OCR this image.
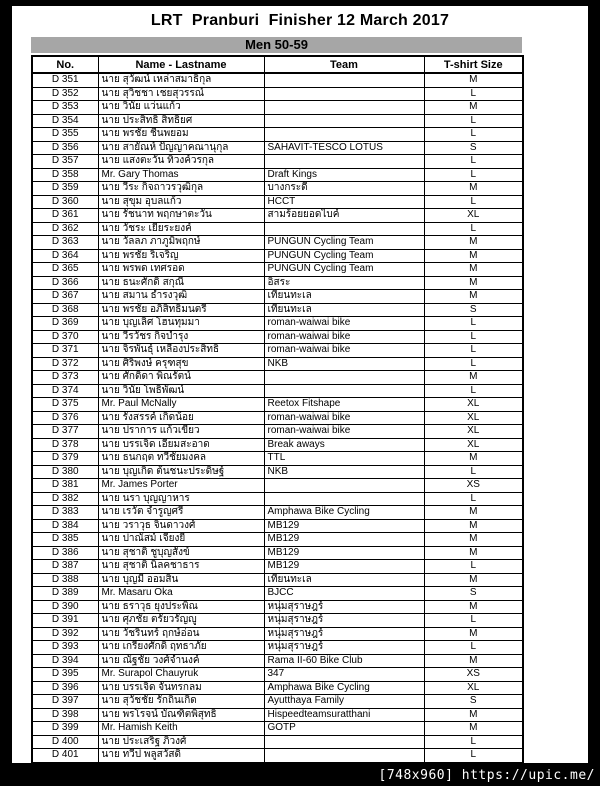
LRT  Pranburi  Finisher 12 March 2017
Men 50-59
No.	Name - Lastname	Team	T-shirt Size
D 351	นาย สุวัฒน์ เหล่าสมาธิกุล		M
D 352	นาย สุวิชชา เชยสุวรรณ์		L
D 353	นาย วินัย แว่นแก้ว		M
D 354	นาย ประสิทธิ์ สิทธิยศ		L
D 355	นาย พรชัย ชื่นพยอม		L
D 356	นาย สายัณห์ ปัญญาคณานุกุล	SAHAVIT-TESCO LOTUS	S
D 357	นาย แสงตะวัน ทิวงค์วรกุล		L
D 358	Mr. Gary Thomas	Draft Kings	L
D 359	นาย วีระ กิจถาวรวุฒิกุล	บางกระดี่	M
D 360	นาย สุขุม อุบลแก้ว	HCCT	L
D 361	นาย รัชนาท พฤกษาตะวัน	สามร้อยยอดไบค์	XL
D 362	นาย วัชระ เยียระยงค์		L
D 363	นาย วัลลภ ภาภูมิพฤกษ์	PUNGUN Cycling Team	M
D 364	นาย พรชัย ริเจริญ	PUNGUN Cycling Team	M
D 365	นาย พรพด เทศรอด	PUNGUN Cycling Team	M
D 366	นาย ธนะศักดิ์ สกุณี	อิสระ	M
D 367	นาย สมาน ธำรงวุฒิ	เทียนทะเล	M
D 368	นาย พรชัย อภิสิทธิ์มนตรี	เทียนทะเล	S
D 369	นาย บุญเลิศ โฮนทุมมา	roman-waiwai bike	L
D 370	นาย วีรวัชร กิจบำรุง	roman-waiwai bike	L
D 371	นาย จิรพันธุ์ เหลืองประสิทธิ์	roman-waiwai bike	L
D 372	นาย ศิริพงษ์ ครุฑสุข	NKB	L
D 373	นาย ศักดิ์ดา พิณรัตน์		M
D 374	นาย วินัย โพธิพัฒน์		L
D 375	Mr. Paul McNally	Reetox Fitshape	XL
D 376	นาย รังสรรค์ เกิดน้อย	roman-waiwai bike	XL
D 377	นาย ปราการ แก้วเขียว	roman-waiwai bike	XL
D 378	นาย บรรเจิด เอี่ยมสะอาด	Break aways	XL
D 379	นาย ธนกฤต ทวีชัยมงคล	TTL	M
D 380	นาย บุญเกิด ต้นชนะประดิษฐ์	NKB	L
D 381	Mr. James Porter		XS
D 382	นาย นรา บุญญาหาร		L
D 383	นาย เรวัต จำรูญศรี	Amphawa Bike Cycling	M
D 384	นาย วราวุธ จินดาวงศ์	MB129	M
D 385	นาย ปาณัสม์ เจี้ยงยี่	MB129	M
D 386	นาย สุชาติ ชูบุญสังข์	MB129	M
D 387	นาย สุชาติ นิลคชาธาร	MB129	L
D 388	นาย บุญมี ออมสิน	เทียนทะเล	M
D 389	Mr. Masaru Oka	BJCC	S
D 390	นาย ธราวุธ ยุงประพิณ	หนุ่มสุราษฎร์	M
D 391	นาย ศุภชัย ตรัยวรัญญู	หนุ่มสุราษฎร์	L
D 392	นาย วัชรินทร์ ฤกษ์อ่อน	หนุ่มสุราษฎร์	M
D 393	นาย เกรียงศักดิ์ ฤทธาภัย	หนุ่มสุราษฎร์	L
D 394	นาย ณัฐชัย วงศ์จำนงค์	Rama II-60 Bike Club	M
D 395	Mr. Surapol Chauyruk	347	XS
D 396	นาย บรรเจิด จันทรกลม	Amphawa Bike Cycling	XL
D 397	นาย สุวัชชัย รักถิ่นเกิด	Ayutthaya Family	S
D 398	นาย พรโรจน์ บัณฑิตพิสุทธิ์	Hispeedteamsuratthani	M
D 399	Mr. Hamish Keith	GOTP	M
D 400	นาย ประเสริฐ ภิวงศ์		L
D 401	นาย ทวีป พลูสวัสดิ์		L
[748x960] https://upic.me/
